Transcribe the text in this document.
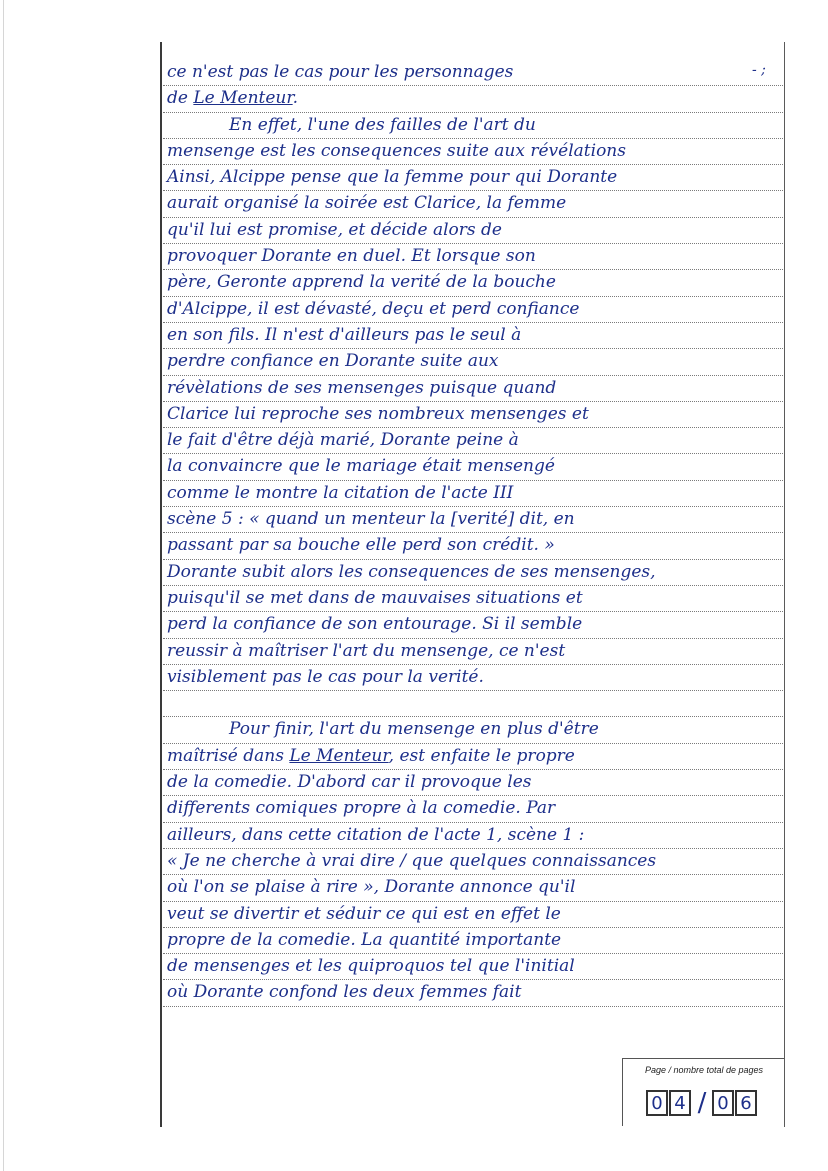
- ;
ce n'est pas le cas pour les personnages
de Le Menteur.
En effet, l'une des failles de l'art du
mensenge est les consequences suite aux révélations
Ainsi, Alcippe pense que la femme pour qui Dorante
aurait organisé la soirée est Clarice, la femme
qu'il lui est promise, et décide alors de
provoquer Dorante en duel. Et lorsque son
père, Geronte apprend la verité de la bouche
d'Alcippe, il est dévasté, deçu et perd confiance
en son fils. Il n'est d'ailleurs pas le seul à
perdre confiance en Dorante suite aux
révèlations de ses mensenges puisque quand
Clarice lui reproche ses nombreux mensenges et
le fait d'être déjà marié, Dorante peine à
la convaincre que le mariage était mensengé
comme le montre la citation de l'acte III
scène 5 : « quand un menteur la [verité] dit, en
passant par sa bouche elle perd son crédit. »
Dorante subit alors les consequences de ses mensenges,
puisqu'il se met dans de mauvaises situations et
perd la confiance de son entourage. Si il semble
reussir à maîtriser l'art du mensenge, ce n'est
visiblement pas le cas pour la verité.
Pour finir, l'art du mensenge en plus d'être
maîtrisé dans Le Menteur, est enfaite le propre
de la comedie. D'abord car il provoque les
differents comiques propre à la comedie. Par
ailleurs, dans cette citation de l'acte 1, scène 1 :
« Je ne cherche à vrai dire / que quelques connaissances
où l'on se plaise à rire », Dorante annonce qu'il
veut se divertir et séduir ce qui est en effet le
propre de la comedie. La quantité importante
de mensenges et les quiproquos tel que l'initial
où Dorante confond les deux femmes fait
Page / nombre total de pages
0 4 / 0 6
